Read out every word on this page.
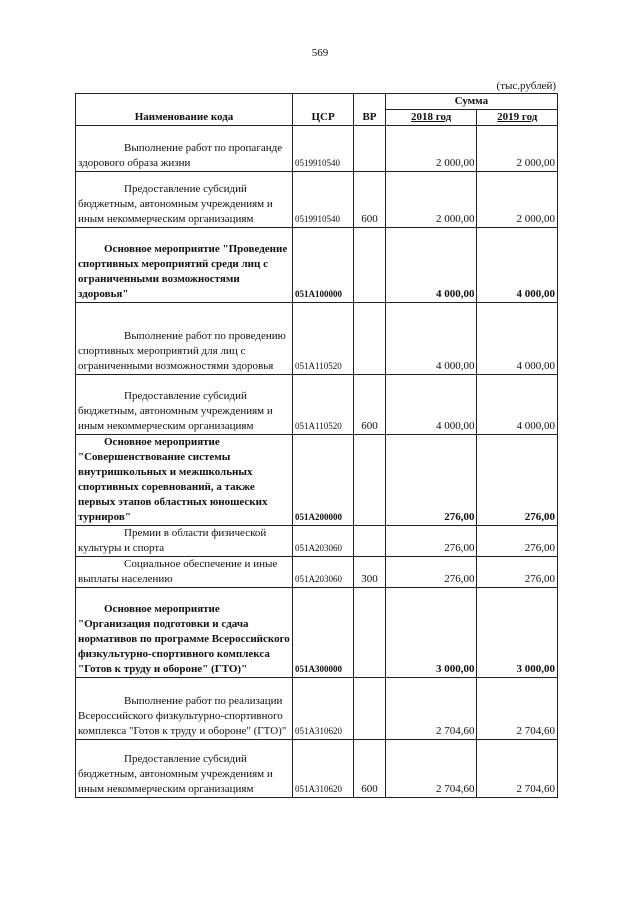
569
(тыс.рублей)
Наименование кода	ЦСР	ВР	Сумма	
			2018 год	2019 год
Выполнение работ по пропаганде здорового образа жизни	0519910540		2 000,00	2 000,00
Предоставление субсидий бюджетным, автономным учреждениям и иным некоммерческим организациям	0519910540	600	2 000,00	2 000,00
Основное мероприятие "Проведение спортивных мероприятий среди лиц с ограниченными возможностями здоровья"	051А100000		4 000,00	4 000,00
Выполнение работ по проведению спортивных мероприятий для лиц с ограниченными возможностями здоровья	051А110520		4 000,00	4 000,00
Предоставление субсидий бюджетным, автономным учреждениям и иным некоммерческим организациям	051А110520	600	4 000,00	4 000,00
Основное мероприятие "Совершенствование системы внутришкольных и межшкольных спортивных соревнований, а также первых этапов областных юношеских турниров"	051А200000		276,00	276,00
Премии в области физической культуры и спорта	051А203060		276,00	276,00
Социальное обеспечение и иные выплаты населению	051А203060	300	276,00	276,00
Основное мероприятие "Организация подготовки и сдача нормативов по программе Всероссийского физкультурно-спортивного комплекса "Готов к труду и обороне" (ГТО)"	051А300000		3 000,00	3 000,00
Выполнение работ по реализации Всероссийского физкультурно-спортивного комплекса "Готов к труду и обороне" (ГТО)"	051А310620		2 704,60	2 704,60
Предоставление субсидий бюджетным, автономным учреждениям и иным некоммерческим организациям	051А310620	600	2 704,60	2 704,60
